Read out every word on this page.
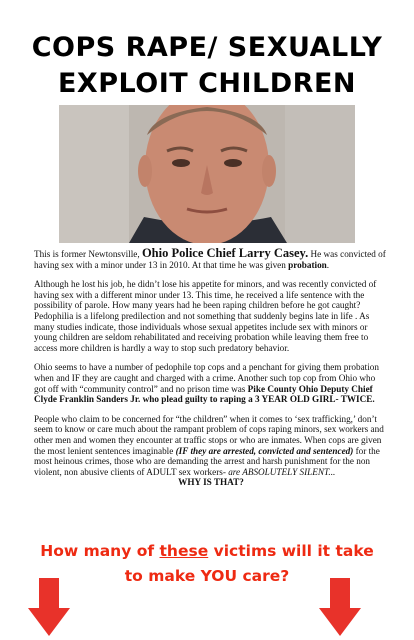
COPS RAPE/ SEXUALLY
EXPLOIT CHILDREN

This is former Newtonsville, Ohio Police Chief Larry Casey. He was convicted of having sex with a minor under 13 in 2010. At that time he was given probation.

Although he lost his job, he didn’t lose his appetite for minors, and was recently convicted of having sex with a different minor under 13. This time, he received a life sentence with the possibility of parole. How many years had he been raping children before he got caught? Pedophilia is a lifelong predilection and not something that suddenly begins late in life . As many studies indicate, those individuals whose sexual appetites include sex with minors or young children are seldom rehabilitated and receiving probation while leaving them free to access more children is hardly a way to stop such predatory behavior.

Ohio seems to have a number of pedophile top cops and a penchant for giving them probation when and IF they are caught and charged with a crime. Another such top cop from Ohio who got off with “community control” and no prison time was Pike County Ohio Deputy Chief Clyde Franklin Sanders Jr. who plead guilty to raping a 3 YEAR OLD GIRL- TWICE.

People who claim to be concerned for “the children” when it comes to ‘sex trafficking,’ don’t seem to know or care much about the rampant problem of cops raping minors, sex workers and other men and women they encounter at traffic stops or who are inmates. When cops are given the most lenient sentences imaginable (IF they are arrested, convicted and sentenced) for the most heinous crimes, those who are demanding the arrest and harsh punishment for the non violent, non abusive clients of ADULT sex workers- are ABSOLUTELY SILENT...
WHY IS THAT?

How many of these victims will it take
to make YOU care?
